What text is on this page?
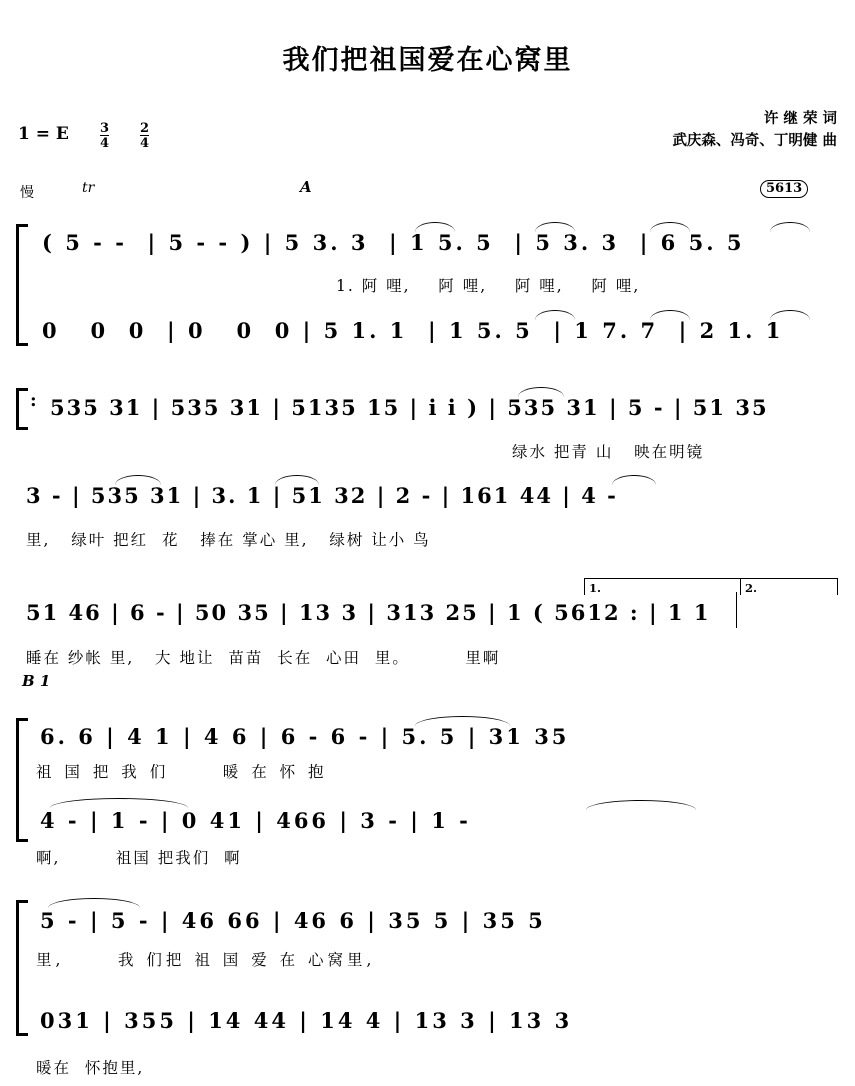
我们把祖国爱在心窝里
许 继 荣 词
武庆森、冯奇、丁明健 曲
1 = E $\frac{3}{4} \frac{2}{4}$
慢	tr	A	5613
( 5 - -  | 5 - - ) | 5 3. 3  | 1 5. 5  | 5 3. 3  | 6 5. 5
1. 阿 哩,    阿 哩,    阿 哩,    阿 哩,
0   0  0  | 0   0  0 | 5 1. 1  | 1 5. 5  | 1 7. 7  | 2 1. 1
: 535 31 | 535 31 | 5135 15 | i i ) | 535 31 | 5 - | 51 35
绿水 把青 山   映在明镜
3 - | 535 31 | 3. 1 | 51 32 | 2 - | 161 44 | 4 -
里,   绿叶 把红  花   捧在 掌心 里,   绿树 让小 鸟
51 46 | 6 - | 50 35 | 13 3 | 313 25 | 1 ( 5612 : | 1 1
睡在 纱帐 里,   大 地让  苗苗  长在  心田  里。        里啊
1.	2.
B 1
6. 6 | 4 1 | 4 6 | 6 - 6 - | 5. 5 | 31 35
祖 国 把 我 们      暖 在 怀 抱
4 - | 1 - | 0 41 | 466 | 3 - | 1 -
啊,        祖国 把我们  啊
5 - | 5 - | 46 66 | 46 6 | 35 5 | 35 5
里,      我 们把 祖 国 爱 在 心窝里,
031 | 355 | 14 44 | 14 4 | 13 3 | 13 3
暖在  怀抱里,
